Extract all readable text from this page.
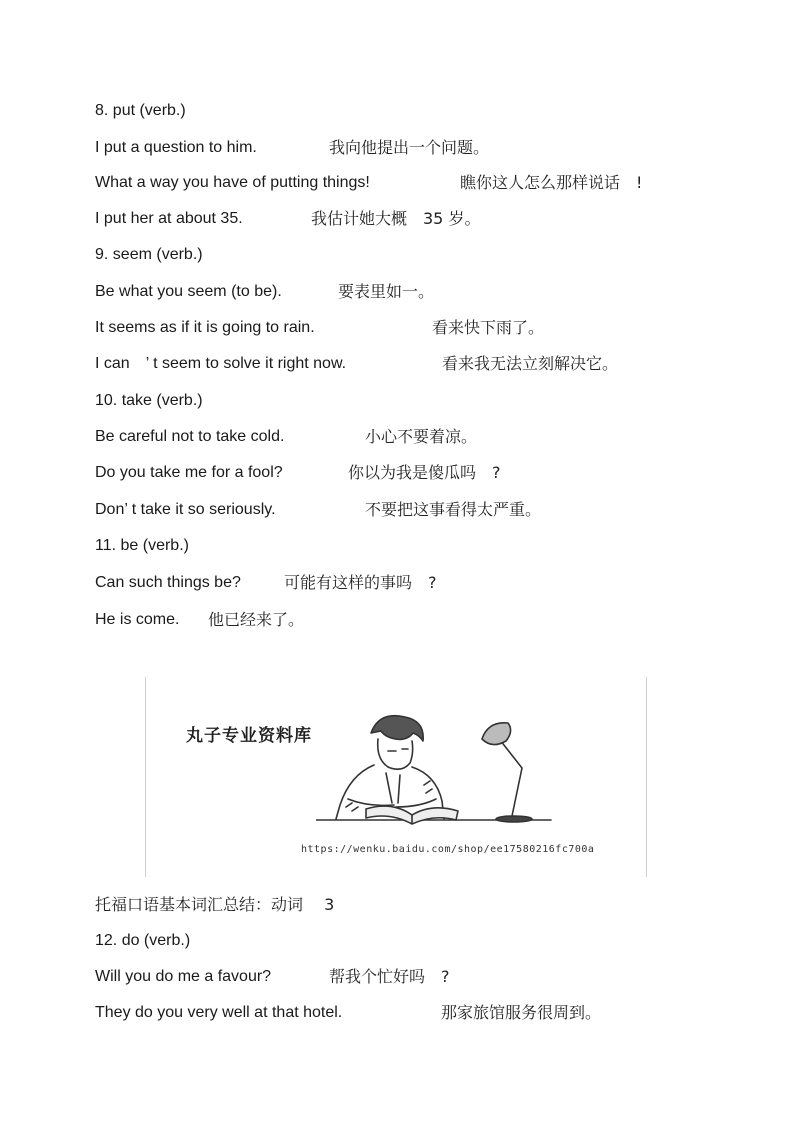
8. put (verb.)
I put a question to him.	我向他提出一个问题。
What a way you have of putting things!	瞧你这人怎么那样说话　!
I put her at about 35.	我估计她大概　35 岁。
9. seem (verb.)
Be what you seem (to be).	要表里如一。
It seems as if it is going to rain.	看来快下雨了。
I can　’ t seem to solve it right now.	看来我无法立刻解决它。
10. take (verb.)
Be careful not to take cold.	小心不要着凉。
Do you take me for a fool?	你以为我是傻瓜吗　?
Don’ t take it so seriously.	不要把这事看得太严重。
11. be (verb.)
Can such things be?	可能有这样的事吗　?
He is come. 他已经来了。
丸子专业资料库
https://wenku.baidu.com/shop/ee17580216fc700a
托福口语基本词汇总结：动词　 3
12. do (verb.)
Will you do me a favour?	帮我个忙好吗　?
They do you very well at that hotel.	那家旅馆服务很周到。
